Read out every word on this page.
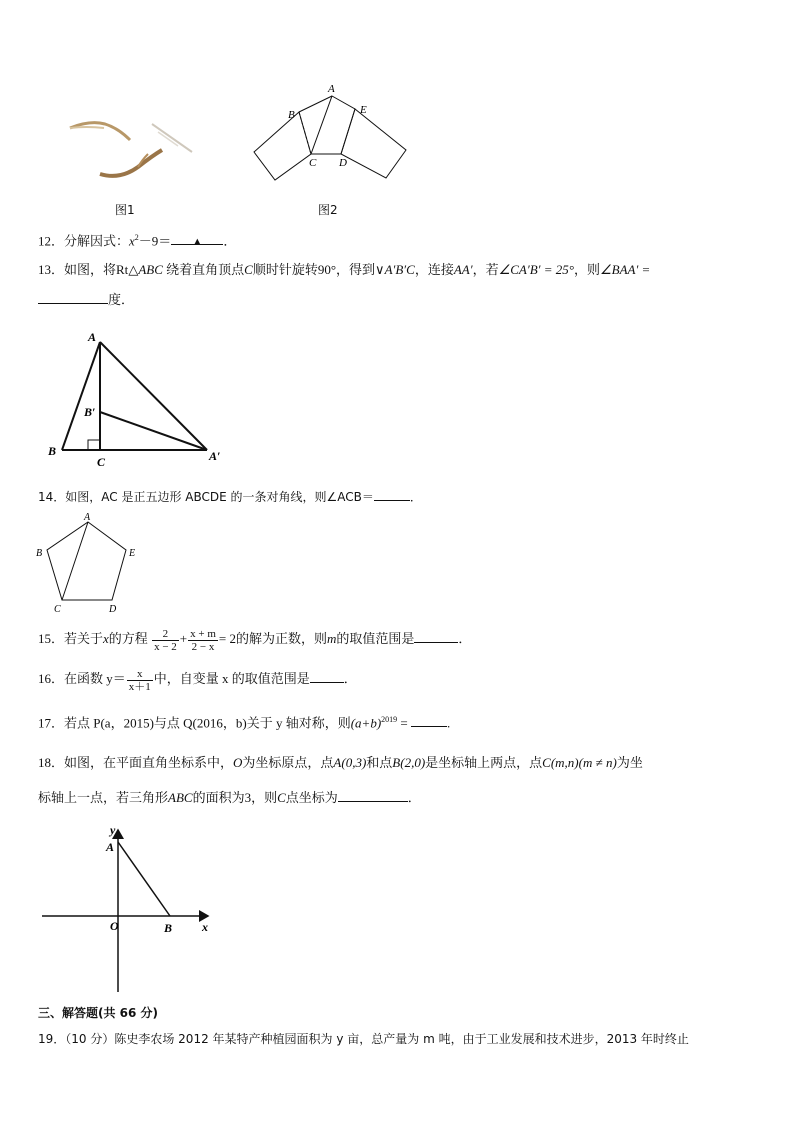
图1
A
B	E
C D
图2
12．分解因式：$x^2-9=$ ▲ ．
13．如图，将Rt△ABC 绕着直角顶点C顺时针旋转90°，得到∨A′B′C，连接AA′，若∠CA′B′ = 25°，则∠BAA′ =
度．
A
B′
B
C	A′
14．如图，AC 是正五边形 ABCDE 的一条对角线，则∠ACB＝	．
A
B	E
C	D
15．若关于x的方程 $\frac{2}{x - 2} + \frac{x + m}{2 - x} = 2$的解为正数，则m的取值范围是	．
16．在函数 $y= \frac{x}{x+1}$ 中，自变量 x 的取值范围是	．
17．若点 P(a，2015)与点 Q(2016，b)关于 y 轴对称，则$(a+b)^{2019}$ =	.
18．如图，在平面直角坐标系中，O为坐标原点，点A(0,3)和点B(2,0)是坐标轴上两点，点C(m,n)(m ≠ n)为坐
标轴上一点，若三角形ABC的面积为3，则C点坐标为	．
y
A
O	B x
三、解答题(共 66 分)
19．（10 分）陈史李农场 2012 年某特产种植园面积为 y 亩，总产量为 m 吨，由于工业发展和技术进步，2013 年时终止
